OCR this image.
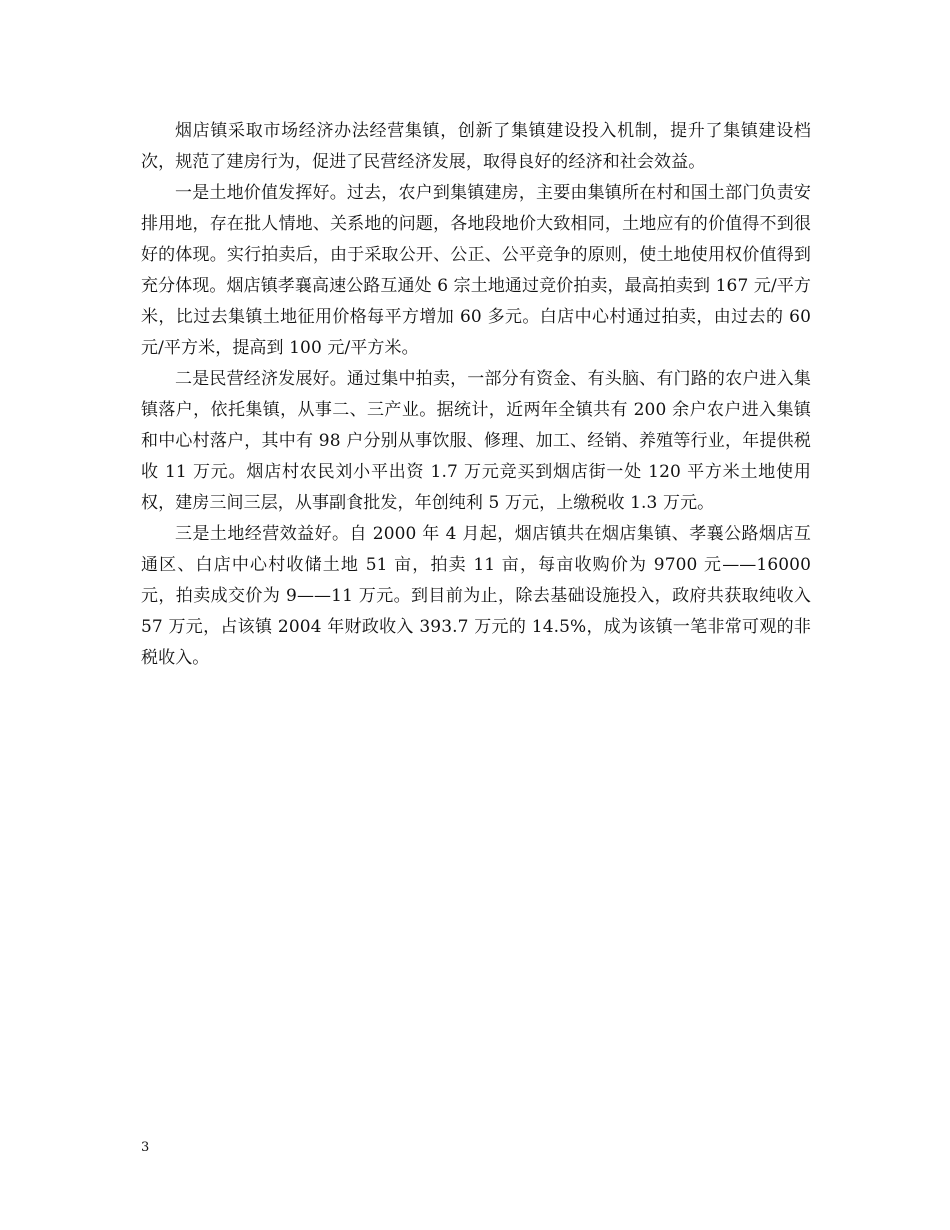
烟店镇采取市场经济办法经营集镇，创新了集镇建设投入机制，提升了集镇建设档次，规范了建房行为，促进了民营经济发展，取得良好的经济和社会效益。

一是土地价值发挥好。过去，农户到集镇建房，主要由集镇所在村和国土部门负责安排用地，存在批人情地、关系地的问题，各地段地价大致相同，土地应有的价值得不到很好的体现。实行拍卖后，由于采取公开、公正、公平竞争的原则，使土地使用权价值得到充分体现。烟店镇孝襄高速公路互通处 6 宗土地通过竞价拍卖，最高拍卖到 167 元/平方米，比过去集镇土地征用价格每平方增加 60 多元。白店中心村通过拍卖，由过去的 60 元/平方米，提高到 100 元/平方米。

二是民营经济发展好。通过集中拍卖，一部分有资金、有头脑、有门路的农户进入集镇落户，依托集镇，从事二、三产业。据统计，近两年全镇共有 200 余户农户进入集镇和中心村落户，其中有 98 户分别从事饮服、修理、加工、经销、养殖等行业，年提供税收 11 万元。烟店村农民刘小平出资 1.7 万元竞买到烟店街一处 120 平方米土地使用权，建房三间三层，从事副食批发，年创纯利 5 万元，上缴税收 1.3 万元。

三是土地经营效益好。自 2000 年 4 月起，烟店镇共在烟店集镇、孝襄公路烟店互通区、白店中心村收储土地 51 亩，拍卖 11 亩，每亩收购价为 9700 元——16000 元，拍卖成交价为 9——11 万元。到目前为止，除去基础设施投入，政府共获取纯收入 57 万元，占该镇 2004 年财政收入 393.7 万元的 14.5%，成为该镇一笔非常可观的非税收入。

3
